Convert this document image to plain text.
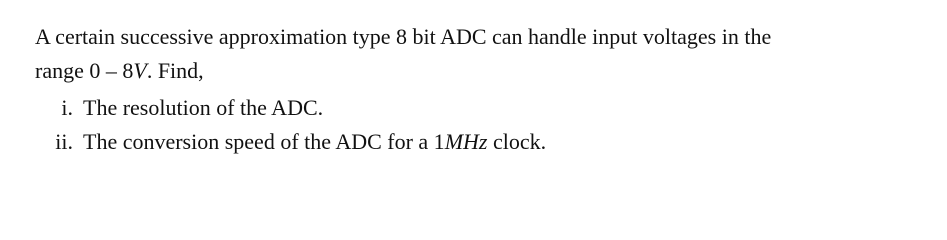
A certain successive approximation type 8 bit ADC can handle input voltages in the
range 0 – 8V. Find,

i. The resolution of the ADC.
ii. The conversion speed of the ADC for a 1MHz clock.
